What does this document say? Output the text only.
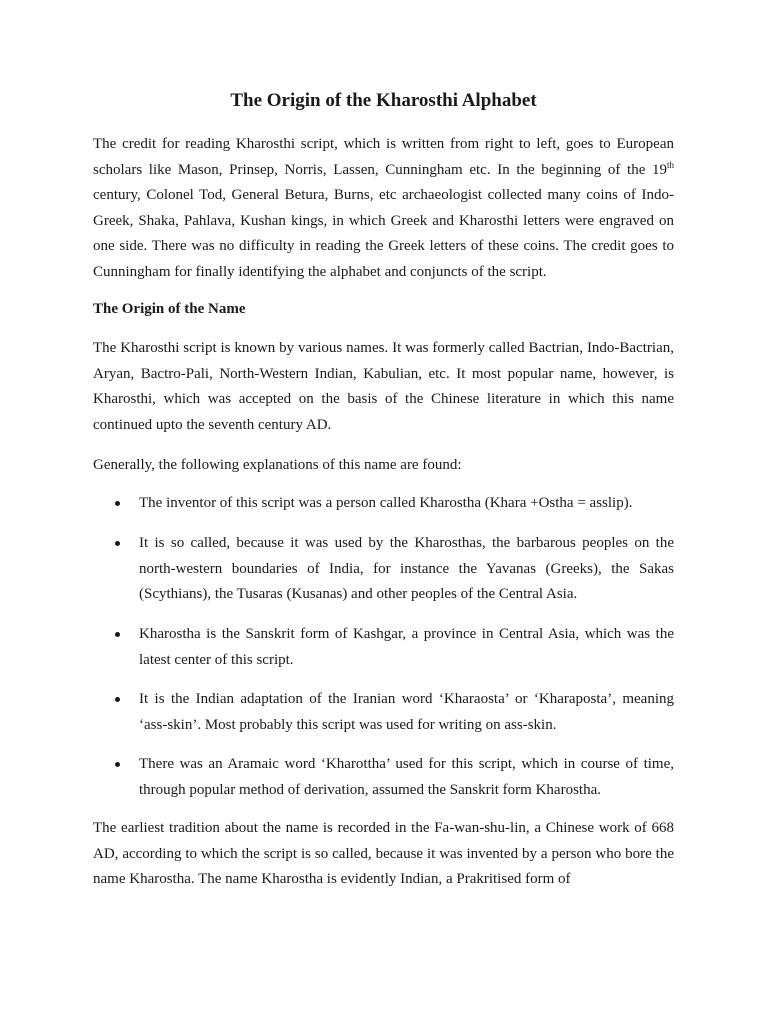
The Origin of the Kharosthi Alphabet

The credit for reading Kharosthi script, which is written from right to left, goes to European scholars like Mason, Prinsep, Norris, Lassen, Cunningham etc. In the beginning of the 19th century, Colonel Tod, General Betura, Burns, etc archaeologist collected many coins of Indo-Greek, Shaka, Pahlava, Kushan kings, in which Greek and Kharosthi letters were engraved on one side. There was no difficulty in reading the Greek letters of these coins. The credit goes to Cunningham for finally identifying the alphabet and conjuncts of the script.

The Origin of the Name

The Kharosthi script is known by various names. It was formerly called Bactrian, Indo-Bactrian, Aryan, Bactro-Pali, North-Western Indian, Kabulian, etc. It most popular name, however, is Kharosthi, which was accepted on the basis of the Chinese literature in which this name continued upto the seventh century AD.

Generally, the following explanations of this name are found:

The inventor of this script was a person called Kharostha (Khara +Ostha = asslip).

It is so called, because it was used by the Kharosthas, the barbarous peoples on the north-western boundaries of India, for instance the Yavanas (Greeks), the Sakas (Scythians), the Tusaras (Kusanas) and other peoples of the Central Asia.

Kharostha is the Sanskrit form of Kashgar, a province in Central Asia, which was the latest center of this script.

It is the Indian adaptation of the Iranian word ‘Kharaosta’ or ‘Kharaposta’, meaning ‘ass-skin’. Most probably this script was used for writing on ass-skin.

There was an Aramaic word ‘Kharottha’ used for this script, which in course of time, through popular method of derivation, assumed the Sanskrit form Kharostha.

The earliest tradition about the name is recorded in the Fa-wan-shu-lin, a Chinese work of 668 AD, according to which the script is so called, because it was invented by a person who bore the name Kharostha. The name Kharostha is evidently Indian, a Prakritised form of
